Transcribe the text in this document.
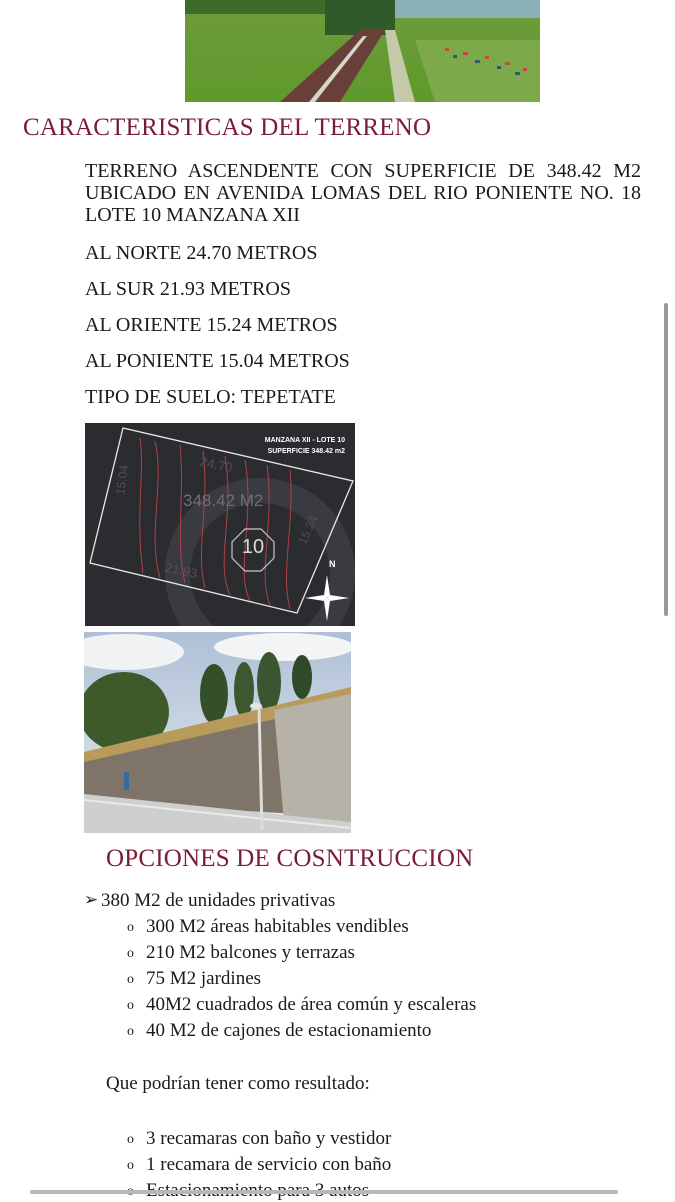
CARACTERISTICAS DEL TERRENO
TERRENO ASCENDENTE CON SUPERFICIE DE 348.42 M2 UBICADO EN AVENIDA LOMAS DEL RIO PONIENTE NO. 18 LOTE 10 MANZANA XII
AL NORTE 24.70 METROS
AL SUR 21.93 METROS
AL ORIENTE 15.24 METROS
AL PONIENTE 15.04 METROS
TIPO DE SUELO: TEPETATE
MANZANA XII - LOTE 10
SUPERFICIE 348.42 m2
348.42 M2
24.70
21.93
15.04
15.24
10
N
OPCIONES DE COSNTRUCCION
➢ 380 M2 de unidades privativas
o 300 M2 áreas habitables vendibles
o 210 M2 balcones y terrazas
o 75 M2 jardines
o 40M2 cuadrados de área común y escaleras
o 40 M2 de cajones de estacionamiento
Que podrían tener como resultado:
o 3 recamaras con baño y vestidor
o 1 recamara de servicio con baño
